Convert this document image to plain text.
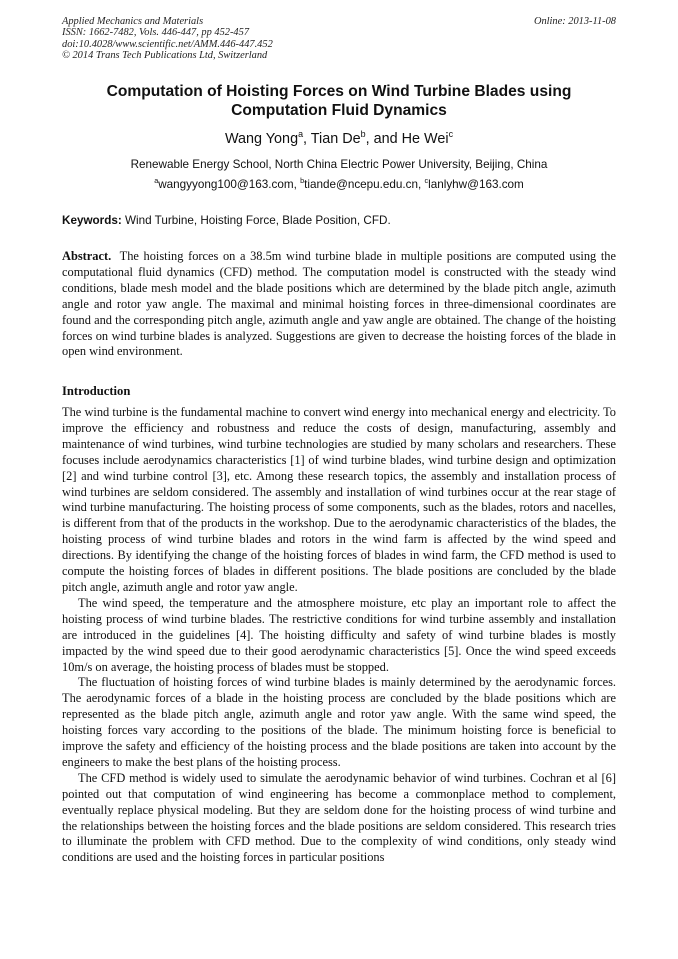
Applied Mechanics and Materials
ISSN: 1662-7482, Vols. 446-447, pp 452-457
doi:10.4028/www.scientific.net/AMM.446-447.452
© 2014 Trans Tech Publications Ltd, Switzerland
Online: 2013-11-08
Computation of Hoisting Forces on Wind Turbine Blades using
Computation Fluid Dynamics
Wang Yong$^a$, Tian De$^b$, and He Wei$^c$
Renewable Energy School, North China Electric Power University, Beijing, China
$^a$wangyyong100@163.com, $^b$tiande@ncepu.edu.cn, $^c$lanlyhw@163.com
Keywords: Wind Turbine, Hoisting Force, Blade Position, CFD.
Abstract. The hoisting forces on a 38.5m wind turbine blade in multiple positions are computed using the computational fluid dynamics (CFD) method. The computation model is constructed with the steady wind conditions, blade mesh model and the blade positions which are determined by the blade pitch angle, azimuth angle and rotor yaw angle. The maximal and minimal hoisting forces in three-dimensional coordinates are found and the corresponding pitch angle, azimuth angle and yaw angle are obtained. The change of the hoisting forces on wind turbine blades is analyzed. Suggestions are given to decrease the hoisting forces of the blade in open wind environment.
Introduction

The wind turbine is the fundamental machine to convert wind energy into mechanical energy and electricity. To improve the efficiency and robustness and reduce the costs of design, manufacturing, assembly and maintenance of wind turbines, wind turbine technologies are studied by many scholars and researchers. These focuses include aerodynamics characteristics [1] of wind turbine blades, wind turbine design and optimization [2] and wind turbine control [3], etc. Among these research topics, the assembly and installation process of wind turbines are seldom considered. The assembly and installation of wind turbines occur at the rear stage of wind turbine manufacturing. The hoisting process of some components, such as the blades, rotors and nacelles, is different from that of the products in the workshop. Due to the aerodynamic characteristics of the blades, the hoisting process of wind turbine blades and rotors in the wind farm is affected by the wind speed and directions. By identifying the change of the hoisting forces of blades in wind farm, the CFD method is used to compute the hoisting forces of blades in different positions. The blade positions are concluded by the blade pitch angle, azimuth angle and rotor yaw angle.

The wind speed, the temperature and the atmosphere moisture, etc play an important role to affect the hoisting process of wind turbine blades. The restrictive conditions for wind turbine assembly and installation are introduced in the guidelines [4]. The hoisting difficulty and safety of wind turbine blades is mostly impacted by the wind speed due to their good aerodynamic characteristics [5]. Once the wind speed exceeds 10m/s on average, the hoisting process of blades must be stopped.

The fluctuation of hoisting forces of wind turbine blades is mainly determined by the aerodynamic forces. The aerodynamic forces of a blade in the hoisting process are concluded by the blade positions which are represented as the blade pitch angle, azimuth angle and rotor yaw angle. With the same wind speed, the hoisting forces vary according to the positions of the blade. The minimum hoisting force is beneficial to improve the safety and efficiency of the hoisting process and the blade positions are taken into account by the engineers to make the best plans of the hoisting process.

The CFD method is widely used to simulate the aerodynamic behavior of wind turbines. Cochran et al [6] pointed out that computation of wind engineering has become a commonplace method to complement, eventually replace physical modeling. But they are seldom done for the hoisting process of wind turbine and the relationships between the hoisting forces and the blade positions are seldom considered. This research tries to illuminate the problem with CFD method. Due to the complexity of wind conditions, only steady wind conditions are used and the hoisting forces in particular positions
